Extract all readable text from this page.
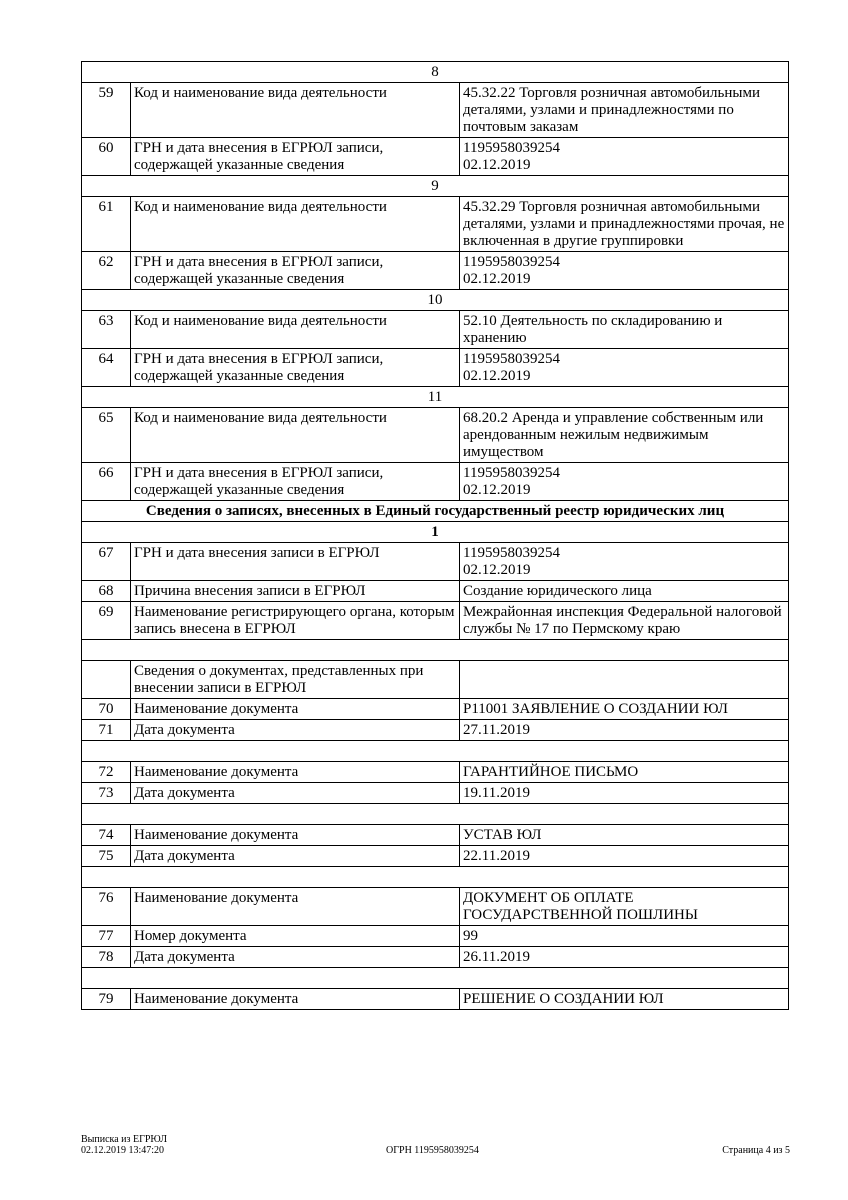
8		
59	Код и наименование вида деятельности	45.32.22 Торговля розничная автомобильными деталями, узлами и принадлежностями по почтовым заказам
60	ГРН и дата внесения в ЕГРЮЛ записи, содержащей указанные сведения	1195958039254
02.12.2019
9		
61	Код и наименование вида деятельности	45.32.29 Торговля розничная автомобильными деталями, узлами и принадлежностями прочая, не включенная в другие группировки
62	ГРН и дата внесения в ЕГРЮЛ записи, содержащей указанные сведения	1195958039254
02.12.2019
10		
63	Код и наименование вида деятельности	52.10 Деятельность по складированию и хранению
64	ГРН и дата внесения в ЕГРЮЛ записи, содержащей указанные сведения	1195958039254
02.12.2019
11		
65	Код и наименование вида деятельности	68.20.2 Аренда и управление собственным или арендованным нежилым недвижимым имуществом
66	ГРН и дата внесения в ЕГРЮЛ записи, содержащей указанные сведения	1195958039254
02.12.2019
Сведения о записях, внесенных в Единый государственный реестр юридических лиц		
1		
67	ГРН и дата внесения записи в ЕГРЮЛ	1195958039254
02.12.2019
68	Причина внесения записи в ЕГРЮЛ	Создание юридического лица
69	Наименование регистрирующего органа, которым запись внесена в ЕГРЮЛ	Межрайонная инспекция Федеральной налоговой службы № 17 по Пермскому краю

	Сведения о документах, представленных при внесении записи в ЕГРЮЛ	
70	Наименование документа	Р11001 ЗАЯВЛЕНИЕ О СОЗДАНИИ ЮЛ
71	Дата документа	27.11.2019

72	Наименование документа	ГАРАНТИЙНОЕ ПИСЬМО
73	Дата документа	19.11.2019

74	Наименование документа	УСТАВ ЮЛ
75	Дата документа	22.11.2019

76	Наименование документа	ДОКУМЕНТ ОБ ОПЛАТЕ ГОСУДАРСТВЕННОЙ ПОШЛИНЫ
77	Номер документа	99
78	Дата документа	26.11.2019

79	Наименование документа	РЕШЕНИЕ О СОЗДАНИИ ЮЛ
Выписка из ЕГРЮЛ
02.12.2019 13:47:20	ОГРН 1195958039254	Страница 4 из 5
